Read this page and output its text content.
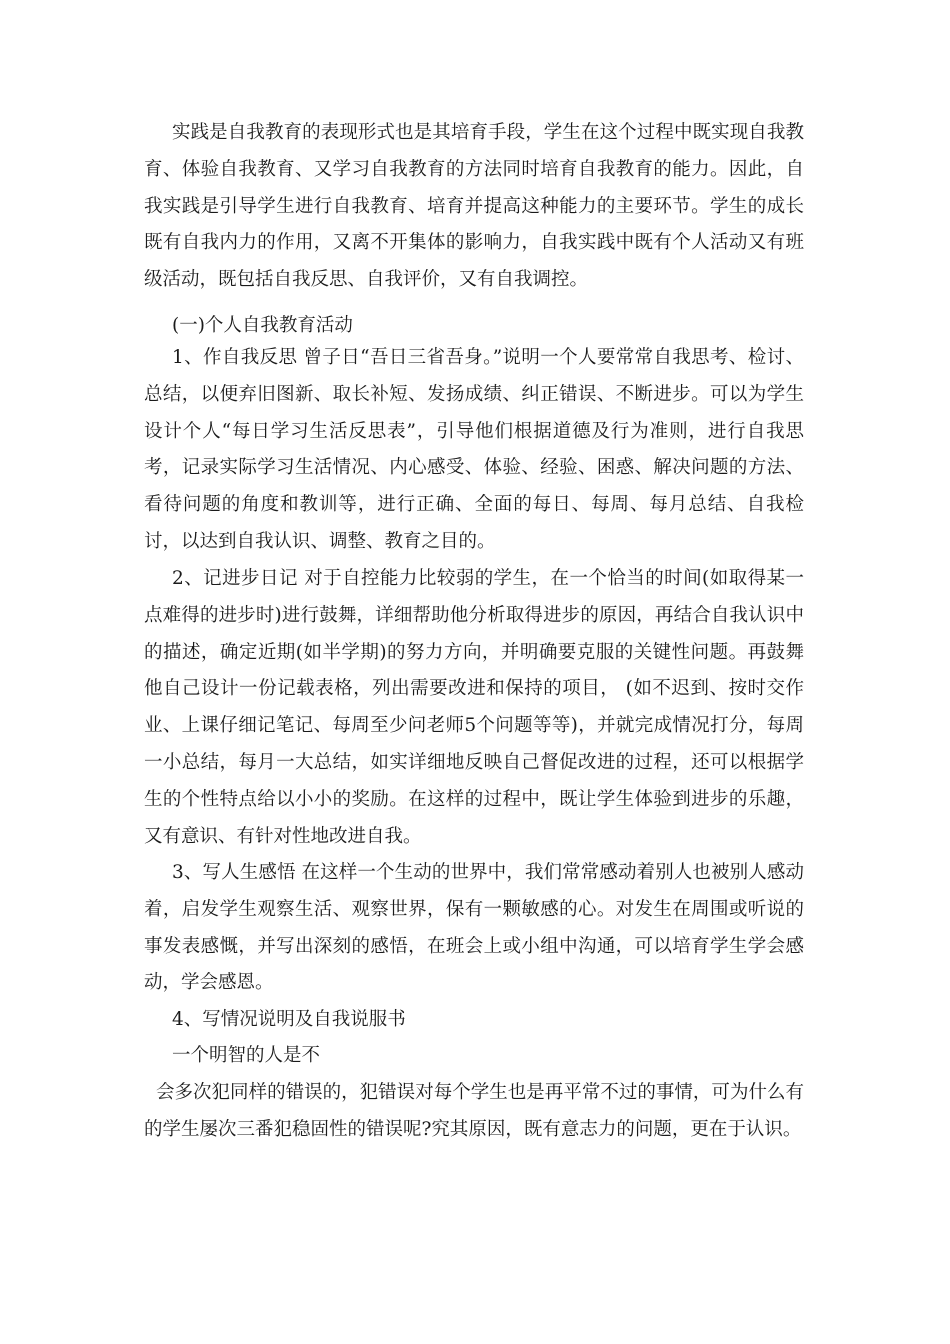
实践是自我教育的表现形式也是其培育手段，学生在这个过程中既实现自我教育、体验自我教育、又学习自我教育的方法同时培育自我教育的能力。因此，自我实践是引导学生进行自我教育、培育并提高这种能力的主要环节。学生的成长既有自我内力的作用，又离不开集体的影响力，自我实践中既有个人活动又有班级活动，既包括自我反思、自我评价，又有自我调控。

(一)个人自我教育活动

1、作自我反思 曾子日“吾日三省吾身。”说明一个人要常常自我思考、检讨、总结，以便弃旧图新、取长补短、发扬成绩、纠正错误、不断进步。可以为学生设计个人“每日学习生活反思表”，引导他们根据道德及行为准则，进行自我思考，记录实际学习生活情况、内心感受、体验、经验、困惑、解决问题的方法、看待问题的角度和教训等，进行正确、全面的每日、每周、每月总结、自我检讨，以达到自我认识、调整、教育之目的。

2、记进步日记 对于自控能力比较弱的学生，在一个恰当的时间(如取得某一点难得的进步时)进行鼓舞，详细帮助他分析取得进步的原因，再结合自我认识中的描述，确定近期(如半学期)的努力方向，并明确要克服的关键性问题。再鼓舞他自己设计一份记载表格，列出需要改进和保持的项目， (如不迟到、按时交作业、上课仔细记笔记、每周至少问老师5个问题等等)，并就完成情况打分，每周一小总结，每月一大总结，如实详细地反映自己督促改进的过程，还可以根据学生的个性特点给以小小的奖励。在这样的过程中，既让学生体验到进步的乐趣，又有意识、有针对性地改进自我。

3、写人生感悟 在这样一个生动的世界中，我们常常感动着别人也被别人感动着，启发学生观察生活、观察世界，保有一颗敏感的心。对发生在周围或听说的事发表感慨，并写出深刻的感悟，在班会上或小组中沟通，可以培育学生学会感动，学会感恩。

4、写情况说明及自我说服书
一个明智的人是不

会多次犯同样的错误的，犯错误对每个学生也是再平常不过的事情，可为什么有的学生屡次三番犯稳固性的错误呢?究其原因，既有意志力的问题，更在于认识。
